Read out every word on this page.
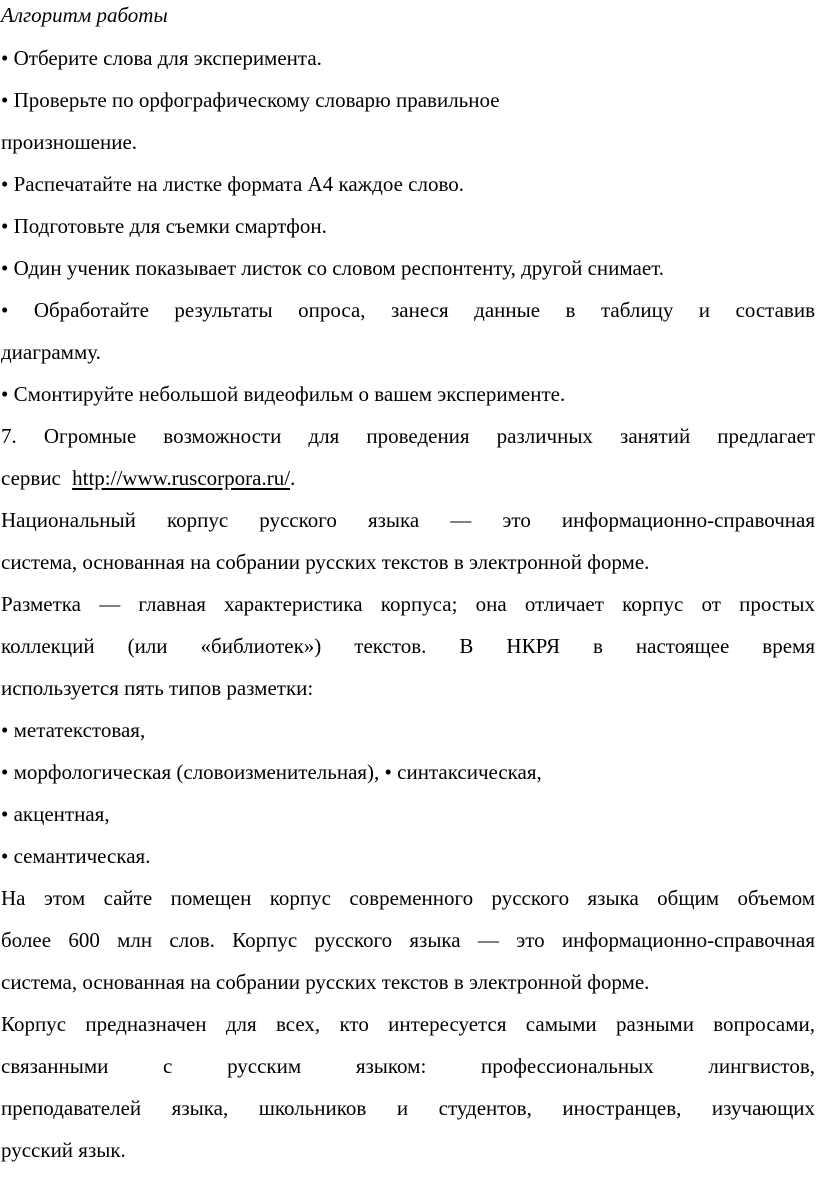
Алгоритм работы
• Отберите слова для эксперимента.
• Проверьте по орфографическому словарю правильное
произношение.
• Распечатайте на листке формата А4 каждое слово.
• Подготовьте для съемки смартфон.
• Один ученик показывает листок со словом респонтенту, другой снимает.
• Обработайте результаты опроса, занеся данные в таблицу и составив
диаграмму.
• Смонтируйте небольшой видеофильм о вашем эксперименте.
7. Огромные возможности для проведения различных занятий предлагает
сервис http://www.ruscorpora.ru/.
Национальный корпус русского языка — это информационно-справочная
система, основанная на собрании русских текстов в электронной форме.
Разметка — главная характеристика корпуса; она отличает корпус от простых
коллекций (или «библиотек») текстов. В НКРЯ в настоящее время
используется пять типов разметки:
• метатекстовая,
• морфологическая (словоизменительная), • синтаксическая,
• акцентная,
• семантическая.
На этом сайте помещен корпус современного русского языка общим объемом
более 600 млн слов. Корпус русского языка — это информационно-справочная
система, основанная на собрании русских текстов в электронной форме.
Корпус предназначен для всех, кто интересуется самыми разными вопросами,
связанными с русским языком: профессиональных лингвистов,
преподавателей языка, школьников и студентов, иностранцев, изучающих
русский язык.
